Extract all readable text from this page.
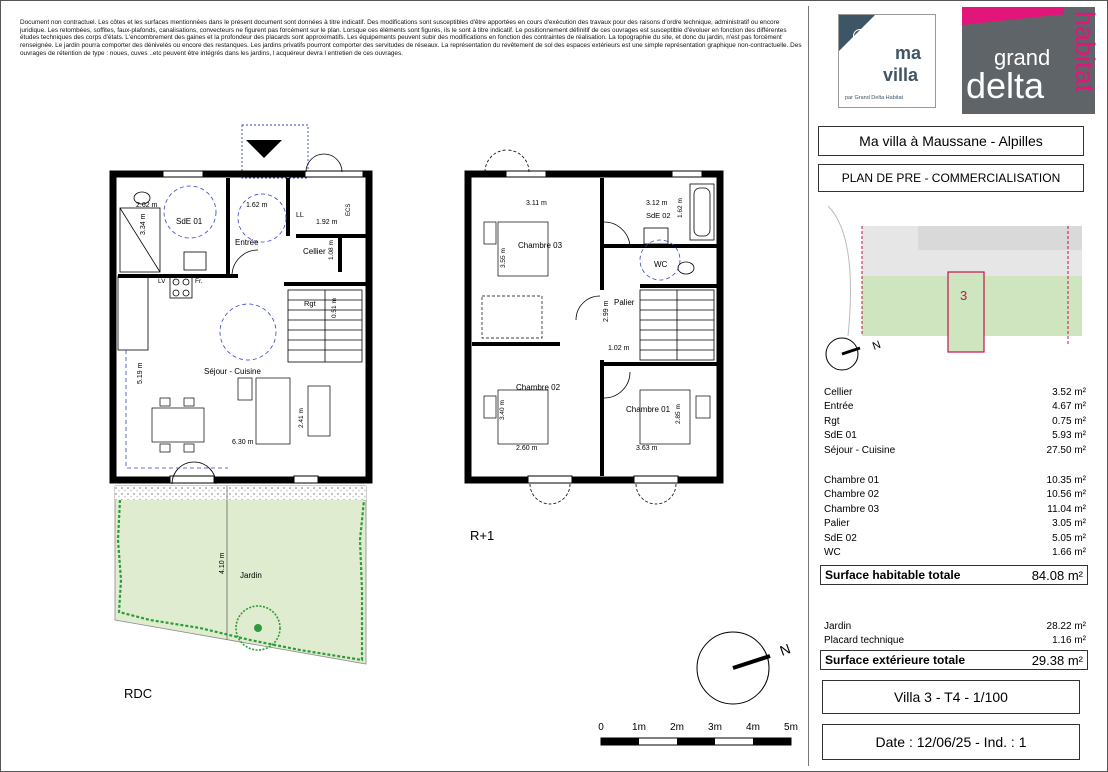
Document non contractuel. Les côtes et les surfaces mentionnées dans le présent document sont données à titre indicatif. Des modifications sont susceptibles d'être apportées en cours d'exécution des travaux pour des raisons d'ordre technique, administratif ou encore juridique. Les retombées, soffites, faux-plafonds, canalisations, convecteurs ne figurent pas forcément sur le plan. Lorsque ces éléments sont figurés, ils le sont à titre indicatif. Le positionnement définitif de ces ouvrages est susceptible d'évoluer en fonction des différentes études techniques des corps d'états. L'encombrement des gaines et la profondeur des placards sont approximatifs. Les équipements peuvent subir des modifications en fonction des contraintes de réalisation. La topographie du site, et donc du jardin, n'est pas forcément renseignée. Le jardin pourra comporter des dénivelés ou encore des restanques. Les jardins privatifs pourront comporter des servitudes de réseaux. La représentation du revêtement de sol des espaces extérieurs est une simple représentation graphique non-contractuelle. Des ouvrages de rétention de type : noues, cuves ..etc peuvent être intégrés dans les jardins, l acquéreur devra l entretien de ces ouvrages.
SdE 01
Entrée
Cellier
Rgt
Séjour - Cuisine
Jardin
LL	ECS
LV	Fr.
2.62 m	1.62 m
1.92 m
3.34 m
1.08 m
0.51 m
5.19 m
6.30 m
2.41 m
4.10 m
RDC
Chambre 03
Chambre 02
Chambre 01
SdE 02
WC
Palier
3.11 m	3.12 m 1.62 m
3.55 m
2.99 m
1.02 m
3.40 m	2.85 m
2.60 m	3.63 m
R+1
N
0	1m 2m 3m 4m 5m
ma
villa
par Grand Delta Habitat
grand
delta habitat
Ma villa à Maussane - Alpilles
PLAN DE PRE - COMMERCIALISATION
3
N
Cellier	3.52 m²
Entrée	4.67 m²
Rgt	0.75 m²
SdE 01	5.93 m²
Séjour - Cuisine	27.50 m²
Chambre 01	10.35 m²
Chambre 02	10.56 m²
Chambre 03	11.04 m²
Palier	3.05 m²
SdE 02	5.05 m²
WC	1.66 m²
Surface habitable totale	84.08 m²
Jardin	28.22 m²
Placard technique	1.16 m²
Surface extérieure totale	29.38 m²
Villa 3 - T4 - 1/100
Date : 12/06/25 - Ind. : 1
